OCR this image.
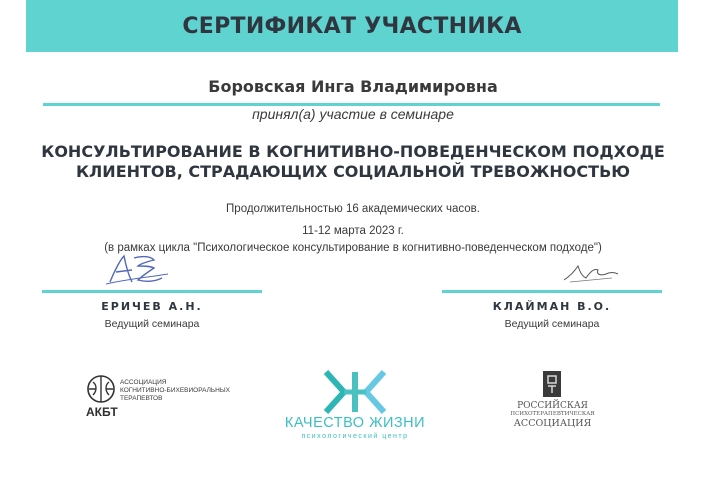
СЕРТИФИКАТ УЧАСТНИКА
Боровская Инга Владимировна
принял(а) участие в семинаре
КОНСУЛЬТИРОВАНИЕ В КОГНИТИВНО-ПОВЕДЕНЧЕСКОМ ПОДХОДЕ
КЛИЕНТОВ, СТРАДАЮЩИХ СОЦИАЛЬНОЙ ТРЕВОЖНОСТЬЮ
Продолжительностью 16 академических часов.
11-12 марта 2023 г.
(в рамках цикла "Психологическое консультирование в когнитивно-поведенческом подходе")
ЕРИЧЕВ А.Н.
Ведущий семинара
КЛАЙМАН В.О.
Ведущий семинара
АССОЦИАЦИЯ
КОГНИТИВНО-БИХЕВИОРАЛЬНЫХ
ТЕРАПЕВТОВ
АКБТ
КАЧЕСТВО ЖИЗНИ
психологический центр
РОССИЙСКАЯ
ПСИХОТЕРАПЕВТИЧЕСКАЯ
АССОЦИАЦИЯ
